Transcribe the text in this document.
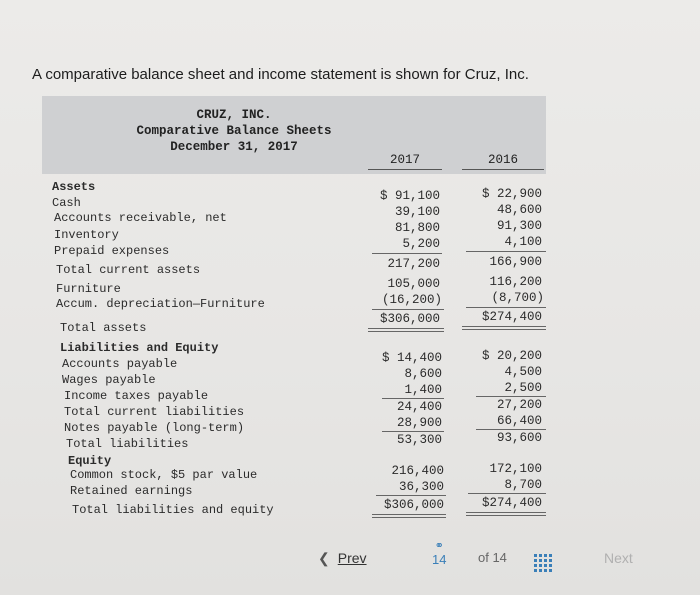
A comparative balance sheet and income statement is shown for Cruz, Inc.
CRUZ, INC.
Comparative Balance Sheets
December 31, 2017
2017	2016
Assets
Cash
Accounts receivable, net
Inventory
Prepaid expenses
Total current assets
Furniture
Accum. depreciation—Furniture
Total assets
Liabilities and Equity
Accounts payable
Wages payable
Income taxes payable
Total current liabilities
Notes payable (long-term)
Total liabilities
Equity
Common stock, $5 par value
Retained earnings
Total liabilities and equity
$ 91,100
39,100
81,800
5,200
217,200
105,000
(16,200)
$306,000
$ 14,400
8,600
1,400
24,400
28,900
53,300
216,400
36,300
$306,000
$ 22,900
48,600
91,300
4,100
166,900
116,200
(8,700)
$274,400
$ 20,200
4,500
2,500
27,200
66,400
93,600
172,100
8,700
$274,400
❮ Prev
⚭
14 of 14	Next
